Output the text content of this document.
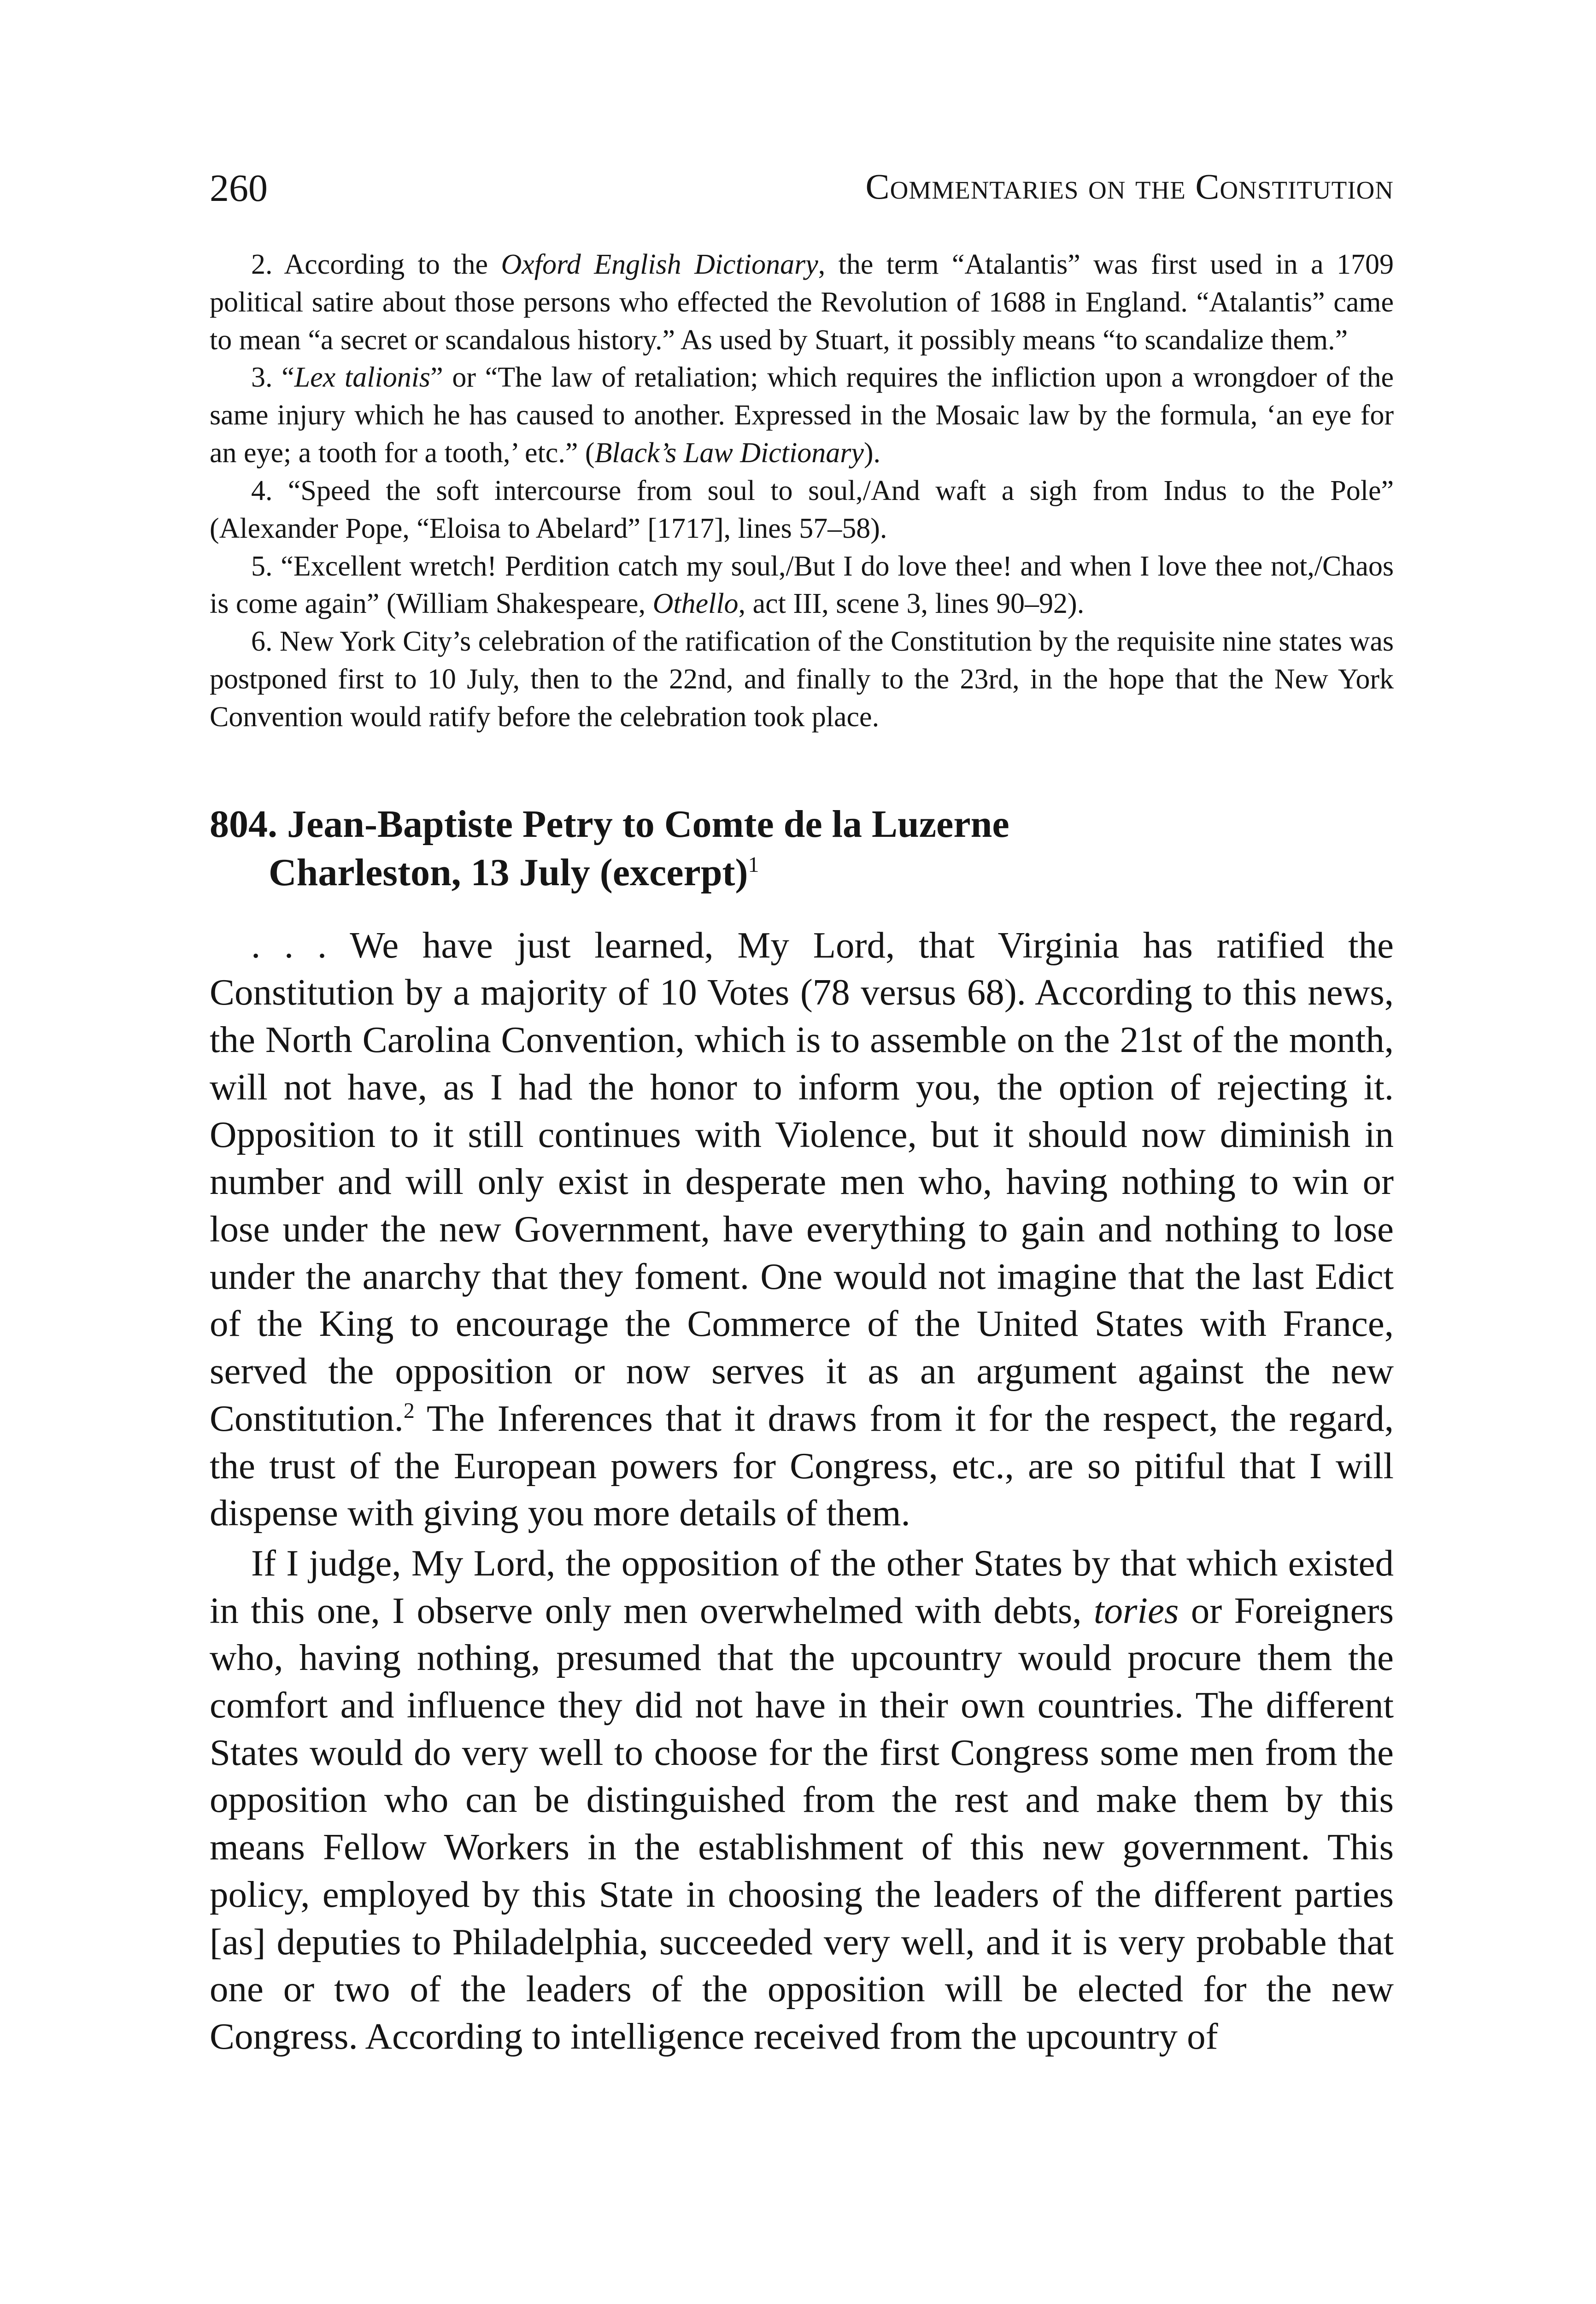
260	Commentaries on the Constitution

2. According to the Oxford English Dictionary, the term “Atalantis” was first used in a 1709 political satire about those persons who effected the Revolution of 1688 in England. “Atalantis” came to mean “a secret or scandalous history.” As used by Stuart, it possibly means “to scandalize them.”

3. “Lex talionis” or “The law of retaliation; which requires the infliction upon a wrongdoer of the same injury which he has caused to another. Expressed in the Mosaic law by the formula, ‘an eye for an eye; a tooth for a tooth,’ etc.” (Black’s Law Dictionary).

4. “Speed the soft intercourse from soul to soul,/And waft a sigh from Indus to the Pole” (Alexander Pope, “Eloisa to Abelard” [1717], lines 57–58).

5. “Excellent wretch! Perdition catch my soul,/But I do love thee! and when I love thee not,/Chaos is come again” (William Shakespeare, Othello, act III, scene 3, lines 90–92).

6. New York City’s celebration of the ratification of the Constitution by the requisite nine states was postponed first to 10 July, then to the 22nd, and finally to the 23rd, in the hope that the New York Convention would ratify before the celebration took place.

804. Jean-Baptiste Petry to Comte de la Luzerne
Charleston, 13 July (excerpt)$^1$

. . . We have just learned, My Lord, that Virginia has ratified the Constitution by a majority of 10 Votes (78 versus 68). According to this news, the North Carolina Convention, which is to assemble on the 21st of the month, will not have, as I had the honor to inform you, the option of rejecting it. Opposition to it still continues with Violence, but it should now diminish in number and will only exist in desperate men who, having nothing to win or lose under the new Government, have everything to gain and nothing to lose under the anarchy that they foment. One would not imagine that the last Edict of the King to encourage the Commerce of the United States with France, served the opposition or now serves it as an argument against the new Constitution.$^2$ The Inferences that it draws from it for the respect, the regard, the trust of the European powers for Congress, etc., are so pitiful that I will dispense with giving you more details of them.

If I judge, My Lord, the opposition of the other States by that which existed in this one, I observe only men overwhelmed with debts, tories or Foreigners who, having nothing, presumed that the upcountry would procure them the comfort and influence they did not have in their own countries. The different States would do very well to choose for the first Congress some men from the opposition who can be distinguished from the rest and make them by this means Fellow Workers in the establishment of this new government. This policy, employed by this State in choosing the leaders of the different parties [as] deputies to Philadelphia, succeeded very well, and it is very probable that one or two of the leaders of the opposition will be elected for the new Congress. According to intelligence received from the upcountry of
